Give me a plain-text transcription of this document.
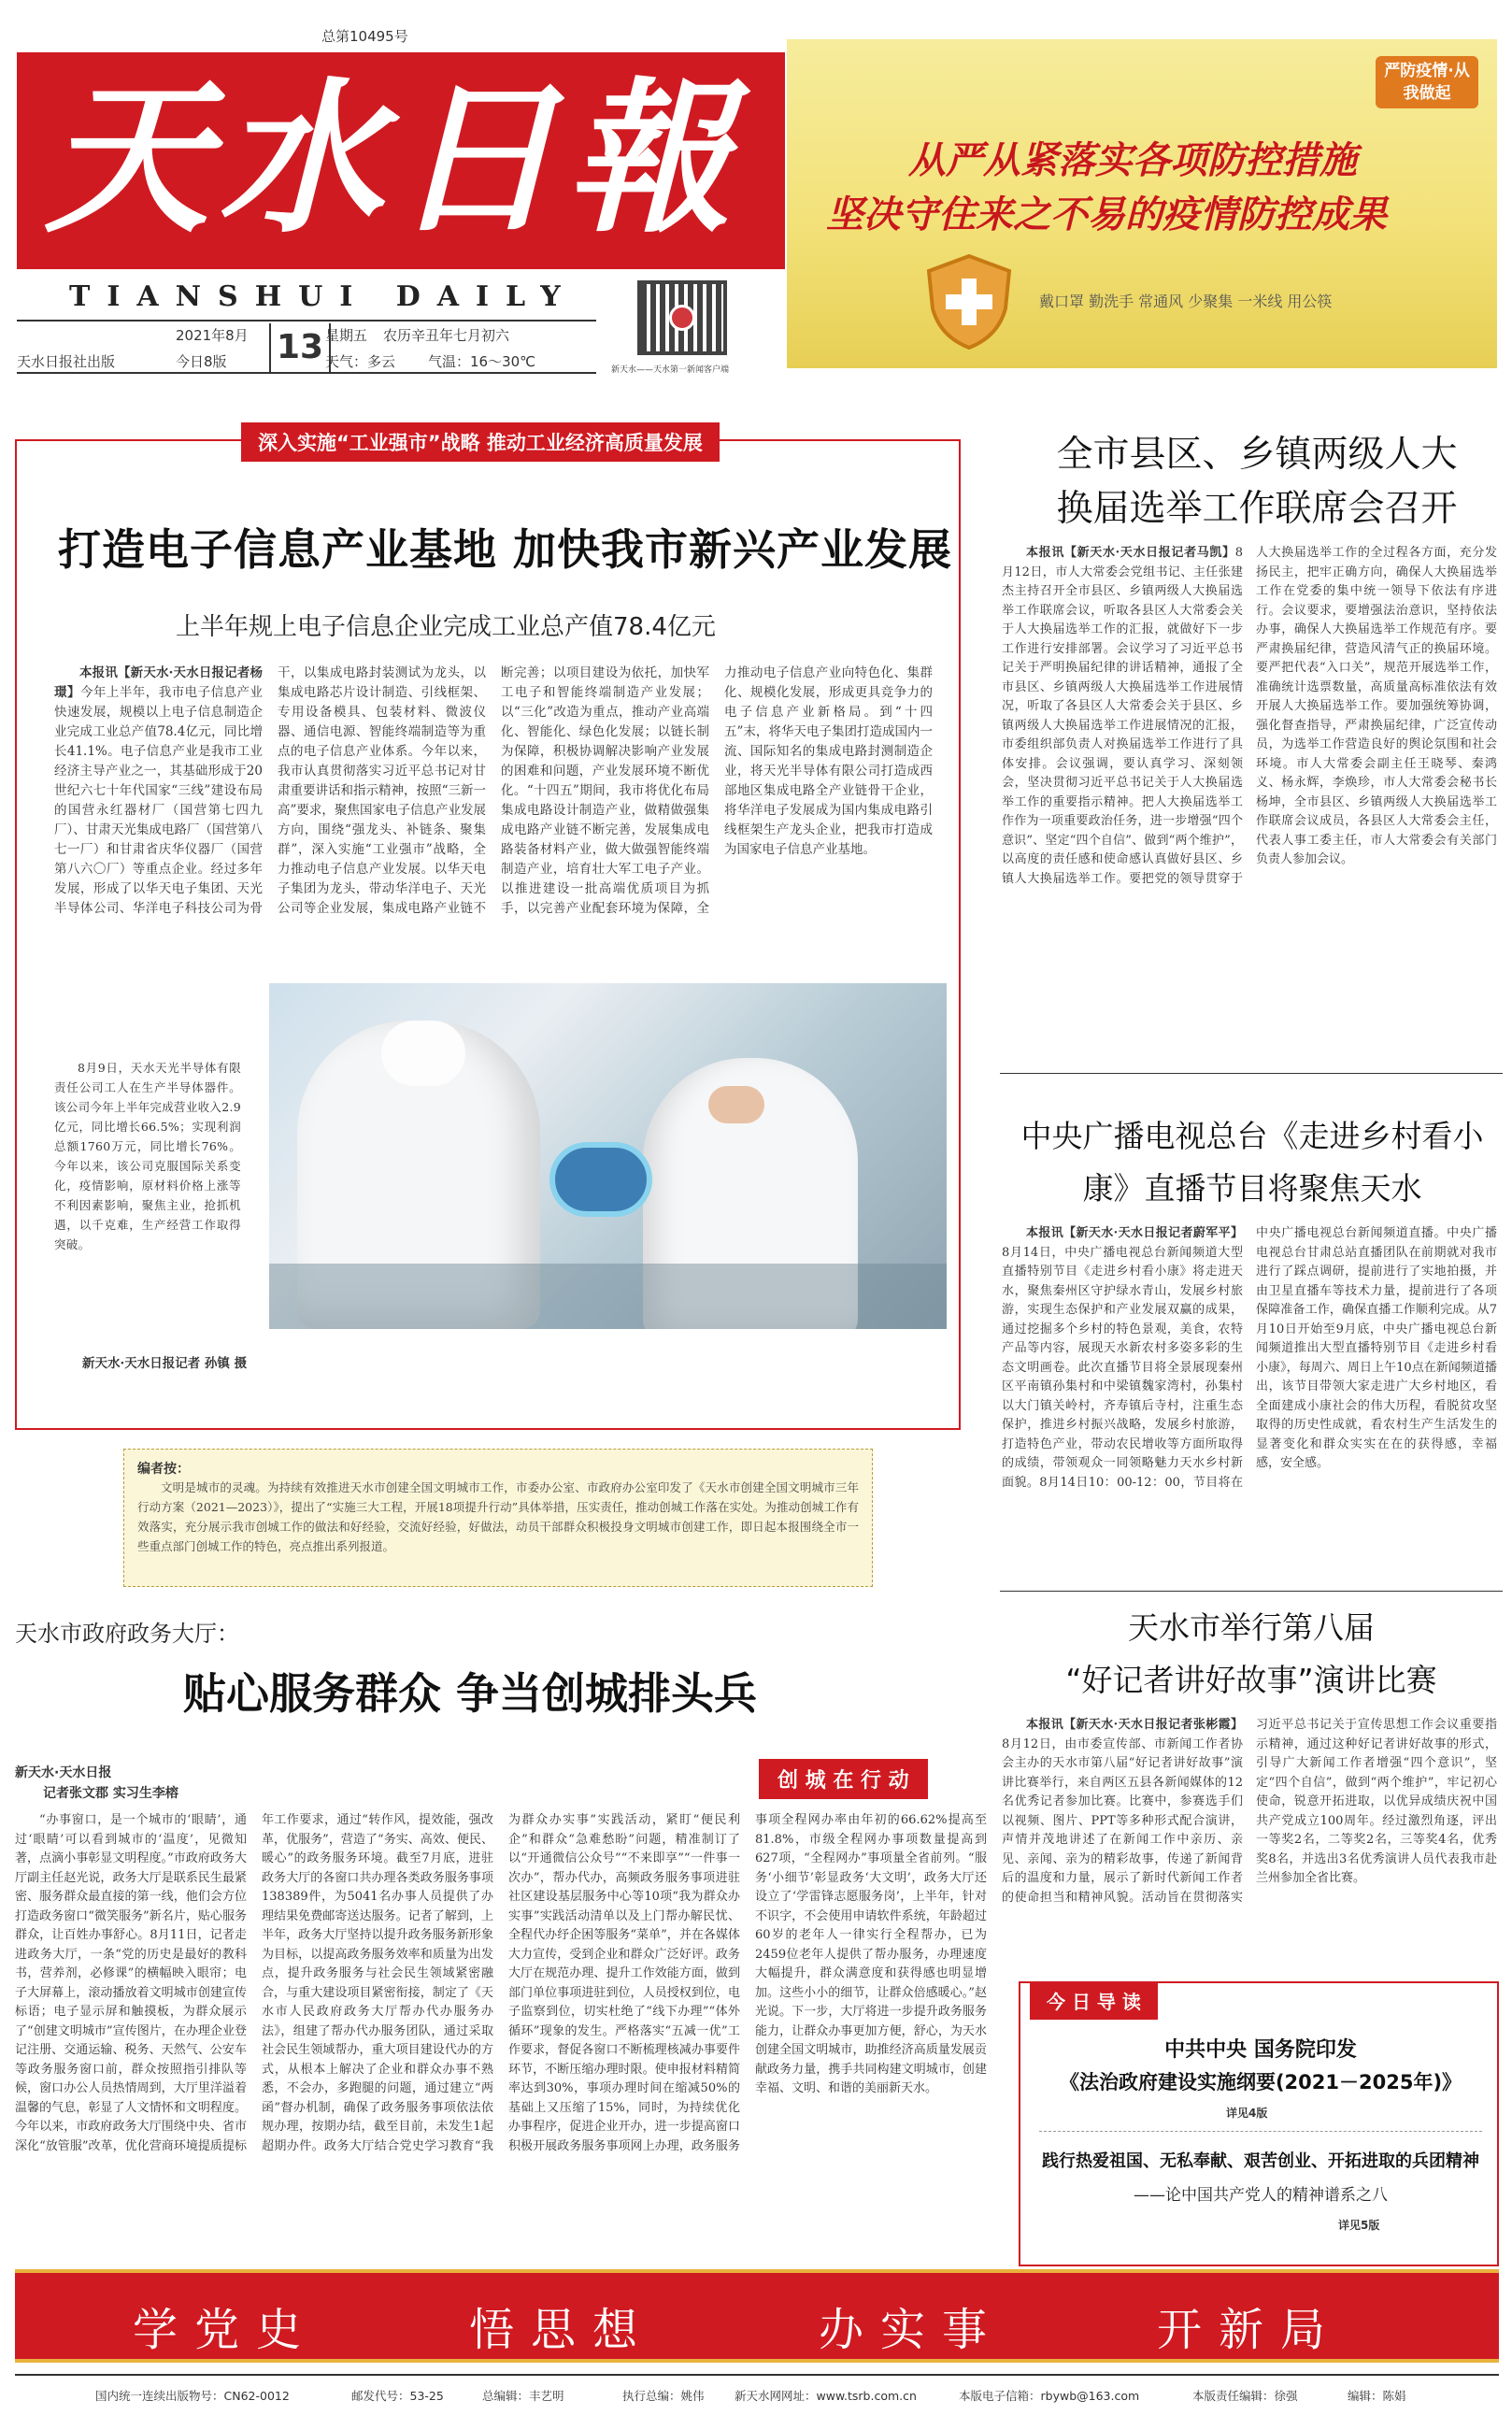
总第10495号
天水日報
TIANSHUI DAILY
新天水——天水第一新闻客户端
2021年8月 13 星期五 农历辛丑年七月初六
天气：多云 气温：16～30℃
天水日报社出版	今日8版
严防疫情·从我做起
从严从紧落实各项防控措施
坚决守住来之不易的疫情防控成果
戴口罩 勤洗手 常通风 少聚集 一米线 用公筷
深入实施“工业强市”战略 推动工业经济高质量发展
打造电子信息产业基地 加快我市新兴产业发展
上半年规上电子信息企业完成工业总产值78.4亿元

本报讯【新天水·天水日报记者杨璟】今年上半年，我市电子信息产业快速发展，规模以上电子信息制造企业完成工业总产值78.4亿元，同比增长41.1%。电子信息产业是我市工业经济主导产业之一，其基础形成于20世纪六七十年代国家“三线”建设布局的国营永红器材厂（国营第七四九厂）、甘肃天光集成电路厂（国营第八七一厂）和甘肃省庆华仪器厂（国营第八六〇厂）等重点企业。经过多年发展，形成了以华天电子集团、天光半导体公司、华洋电子科技公司为骨干，以集成电路封装测试为龙头，以集成电路芯片设计制造、引线框架、专用设备模具、包装材料、微波仪器、通信电源、智能终端制造等为重点的电子信息产业体系。今年以来，我市认真贯彻落实习近平总书记对甘肃重要讲话和指示精神，按照“三新一高”要求，聚焦国家电子信息产业发展方向，围绕“强龙头、补链条、聚集群”，深入实施“工业强市”战略，全力推动电子信息产业发展。以华天电子集团为龙头，带动华洋电子、天光公司等企业发展，集成电路产业链不断完善；以项目建设为依托，加快军工电子和智能终端制造产业发展；以“三化”改造为重点，推动产业高端化、智能化、绿色化发展；以链长制为保障，积极协调解决影响产业发展的困难和问题，产业发展环境不断优化。“十四五”期间，我市将优化布局集成电路设计制造产业，做精做强集成电路产业链不断完善，发展集成电路装备材料产业，做大做强智能终端制造产业，培育壮大军工电子产业。以推进建设一批高端优质项目为抓手，以完善产业配套环境为保障，全力推动电子信息产业向特色化、集群化、规模化发展，形成更具竞争力的电子信息产业新格局。到“十四五”末，将华天电子集团打造成国内一流、国际知名的集成电路封测制造企业，将天光半导体有限公司打造成西部地区集成电路全产业链骨干企业，将华洋电子发展成为国内集成电路引线框架生产龙头企业，把我市打造成为国家电子信息产业基地。

8月9日，天水天光半导体有限责任公司工人在生产半导体器件。该公司今年上半年完成营业收入2.9亿元，同比增长66.5%；实现利润总额1760万元，同比增长76%。今年以来，该公司克服国际关系变化，疫情影响，原材料价格上涨等不利因素影响，聚焦主业，抢抓机遇，以千克难，生产经营工作取得突破。

新天水·天水日报记者 孙镇 摄
编者按：
文明是城市的灵魂。为持续有效推进天水市创建全国文明城市工作，市委办公室、市政府办公室印发了《天水市创建全国文明城市三年行动方案（2021—2023）》，提出了“实施三大工程，开展18项提升行动”具体举措，压实责任，推动创城工作落在实处。为推动创城工作有效落实，充分展示我市创城工作的做法和好经验，交流好经验，好做法，动员干部群众积极投身文明城市创建工作，即日起本报围绕全市一些重点部门创城工作的特色，亮点推出系列报道。
全市县区、乡镇两级人大换届选举工作联席会召开

本报讯【新天水·天水日报记者马凯】8月12日，市人大常委会党组书记、主任张建杰主持召开全市县区、乡镇两级人大换届选举工作联席会议，听取各县区人大常委会关于人大换届选举工作的汇报，就做好下一步工作进行安排部署。会议学习了习近平总书记关于严明换届纪律的讲话精神，通报了全市县区、乡镇两级人大换届选举工作进展情况，听取了各县区人大常委会关于县区、乡镇两级人大换届选举工作进展情况的汇报，市委组织部负责人对换届选举工作进行了具体安排。会议强调，要认真学习、深刻领会，坚决贯彻习近平总书记关于人大换届选举工作的重要指示精神。把人大换届选举工作作为一项重要政治任务，进一步增强“四个意识”、坚定“四个自信”、做到“两个维护”，以高度的责任感和使命感认真做好县区、乡镇人大换届选举工作。要把党的领导贯穿于人大换届选举工作的全过程各方面，充分发扬民主，把牢正确方向，确保人大换届选举工作在党委的集中统一领导下依法有序进行。会议要求，要增强法治意识，坚持依法办事，确保人大换届选举工作规范有序。要严肃换届纪律，营造风清气正的换届环境。要严把代表“入口关”，规范开展选举工作，准确统计选票数量，高质量高标准依法有效开展人大换届选举工作。要加强统筹协调，强化督查指导，严肃换届纪律，广泛宣传动员，为选举工作营造良好的舆论氛围和社会环境。市人大常委会副主任王晓琴、秦鸿义、杨永辉，李焕珍，市人大常委会秘书长杨坤，全市县区、乡镇两级人大换届选举工作联席会议成员，各县区人大常委会主任，代表人事工委主任，市人大常委会有关部门负责人参加会议。

中央广播电视总台《走进乡村看小康》直播节目将聚焦天水

本报讯【新天水·天水日报记者蔚军平】8月14日，中央广播电视总台新闻频道大型直播特别节目《走进乡村看小康》将走进天水，聚焦秦州区守护绿水青山，发展乡村旅游，实现生态保护和产业发展双赢的成果，通过挖掘多个乡村的特色景观，美食，农特产品等内容，展现天水新农村多姿多彩的生态文明画卷。此次直播节目将全景展现秦州区平南镇孙集村和中梁镇魏家湾村，孙集村以大门镇关岭村，齐寿镇后寺村，注重生态保护，推进乡村振兴战略，发展乡村旅游，打造特色产业，带动农民增收等方面所取得的成绩，带领观众一同领略魅力天水乡村新面貌。8月14日10：00-12：00，节目将在中央广播电视总台新闻频道直播。中央广播电视总台甘肃总站直播团队在前期就对我市进行了踩点调研，提前进行了实地拍摄，并由卫星直播车等技术力量，提前进行了各项保障准备工作，确保直播工作顺利完成。从7月10日开始至9月底，中央广播电视总台新闻频道推出大型直播特别节目《走进乡村看小康》，每周六、周日上午10点在新闻频道播出，该节目带领大家走进广大乡村地区，看全面建成小康社会的伟大历程，看脱贫攻坚取得的历史性成就，看农村生产生活发生的显著变化和群众实实在在的获得感，幸福感，安全感。

天水市举行第八届
“好记者讲好故事”演讲比赛

本报讯【新天水·天水日报记者张彬霞】8月12日，由市委宣传部、市新闻工作者协会主办的天水市第八届“好记者讲好故事”演讲比赛举行，来自两区五县各新闻媒体的12名优秀记者参加比赛。比赛中，参赛选手们以视频、图片、PPT等多种形式配合演讲，声情并茂地讲述了在新闻工作中亲历、亲见、亲闻、亲为的精彩故事，传递了新闻背后的温度和力量，展示了新时代新闻工作者的使命担当和精神风貌。活动旨在贯彻落实习近平总书记关于宣传思想工作会议重要指示精神，通过这种好记者讲好故事的形式，引导广大新闻工作者增强“四个意识”，坚定“四个自信”，做到“两个维护”，牢记初心使命，锐意开拓进取，以优异成绩庆祝中国共产党成立100周年。经过激烈角逐，评出一等奖2名，二等奖2名，三等奖4名，优秀奖8名，并选出3名优秀演讲人员代表我市赴兰州参加全省比赛。

今 日 导 读
中共中央 国务院印发
《法治政府建设实施纲要(2021－2025年)》
详见4版
践行热爱祖国、无私奉献、艰苦创业、开拓进取的兵团精神
——论中国共产党人的精神谱系之八
详见5版
天水市政府政务大厅：
贴心服务群众 争当创城排头兵
新天水·天水日报
记者张文郡 实习生李榕
创 城 在 行 动

“办事窗口，是一个城市的‘眼睛’，通过‘眼睛’可以看到城市的‘温度’，见微知著，点滴小事彰显文明程度。”市政府政务大厅副主任赵光说，政务大厅是联系民生最紧密、服务群众最直接的第一线，他们会方位打造政务窗口“微笑服务”新名片，贴心服务群众，让百姓办事舒心。8月11日，记者走进政务大厅，一条“党的历史是最好的教科书，营养剂，必修课”的横幅映入眼帘；电子大屏幕上，滚动播放着文明城市创建宣传标语；电子显示屏和触摸板，为群众展示了“创建文明城市”宣传图片，在办理企业登记注册、交通运输、税务、天然气、公安车等政务服务窗口前，群众按照指引排队等候，窗口办公人员热情周到，大厅里洋溢着温馨的气息，彰显了人文情怀和文明程度。今年以来，市政府政务大厅围绕中央、省市深化“放管服”改革，优化营商环境提质提标年工作要求，通过“转作风，提效能，强改革，优服务”，营造了“务实、高效、便民、暖心”的政务服务环境。截至7月底，进驻政务大厅的各窗口共办理各类政务服务事项138389件，为5041名办事人员提供了办理结果免费邮寄送达服务。记者了解到，上半年，政务大厅坚持以提升政务服务新形象为目标，以提高政务服务效率和质量为出发点，提升政务服务与社会民生领域紧密融合，与重大建设项目紧密衔接，制定了《天水市人民政府政务大厅帮办代办服务办法》，组建了帮办代办服务团队，通过采取社会民生领域帮办，重大项目建设代办的方式，从根本上解决了企业和群众办事不熟悉，不会办，多跑腿的问题，通过建立“两函”督办机制，确保了政务服务事项依法依规办理，按期办结，截至目前，未发生1起超期办件。政务大厅结合党史学习教育“我为群众办实事”实践活动，紧盯“便民利企”和群众“急难愁盼”问题，精准制订了以“开通微信公众号”“不来即享”“一件事一次办”，帮办代办，高频政务服务事项进驻社区建设基层服务中心等10项“我为群众办实事”实践活动清单以及上门帮办解民忧、全程代办纾企困等服务“菜单”，并在各媒体大力宣传，受到企业和群众广泛好评。政务大厅在规范办理、提升工作效能方面，做到部门单位事项进驻到位，人员授权到位，电子监察到位，切实杜绝了“线下办理”“体外循环”现象的发生。严格落实“五减一优”工作要求，督促各窗口不断梳理核减办事要件环节，不断压缩办理时限。使申报材料精简率达到30%，事项办理时间在缩减50%的基础上又压缩了15%，同时，为持续优化办事程序，促进企业开办，进一步提高窗口积极开展政务服务事项网上办理，政务服务事项全程网办率由年初的66.62%提高至81.8%，市级全程网办事项数量提高到627项，“全程网办”事项量全省前列。“服务‘小细节’彰显政务‘大文明’，政务大厅还设立了‘学雷锋志愿服务岗’，上半年，针对不识字，不会使用申请软件系统，年龄超过60岁的老年人一律实行全程帮办，已为2459位老年人提供了帮办服务，办理速度大幅提升，群众满意度和获得感也明显增加。这些小小的细节，让群众倍感暖心。”赵光说。下一步，大厅将进一步提升政务服务能力，让群众办事更加方便，舒心，为天水创建全国文明城市，助推经济高质量发展贡献政务力量，携手共同构建文明城市，创建幸福、文明、和谐的美丽新天水。

学党史	悟思想	办实事	开新局
国内统一连续出版物号：CN62-0012	邮发代号：53-25	总编辑：丰艺明	执行总编：姚伟	新天水网网址：www.tsrb.com.cn	本版电子信箱：rbywb@163.com	本版责任编辑：徐强	编辑：陈娟
